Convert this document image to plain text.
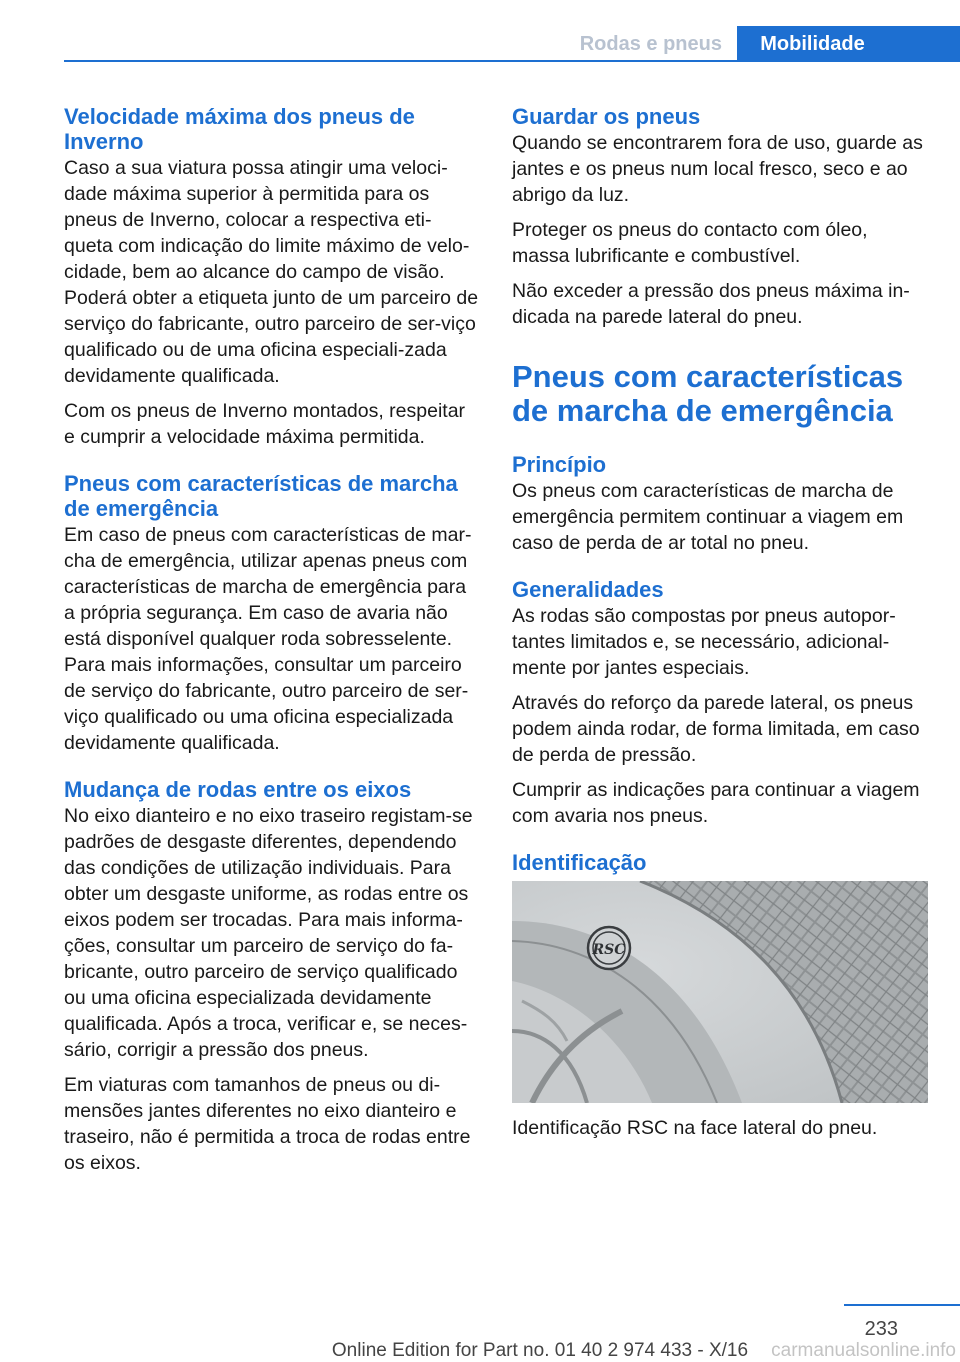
Rodas e pneus	Mobilidade
Velocidade máxima dos pneus de Inverno

Caso a sua viatura possa atingir uma veloci‐dade máxima superior à permitida para os pneus de Inverno, colocar a respectiva eti‐queta com indicação do limite máximo de velo‐cidade, bem ao alcance do campo de visão. Poderá obter a etiqueta junto de um parceiro de serviço do fabricante, outro parceiro de ser‐viço qualificado ou de uma oficina especiali‐zada devidamente qualificada.

Com os pneus de Inverno montados, respeitar e cumprir a velocidade máxima permitida.

Pneus com características de marcha de emergência

Em caso de pneus com características de mar‐cha de emergência, utilizar apenas pneus com características de marcha de emergência para a própria segurança. Em caso de avaria não está disponível qualquer roda sobresselente. Para mais informações, consultar um parceiro de serviço do fabricante, outro parceiro de ser‐viço qualificado ou uma oficina especializada devidamente qualificada.

Mudança de rodas entre os eixos

No eixo dianteiro e no eixo traseiro registam-se padrões de desgaste diferentes, dependendo das condições de utilização individuais. Para obter um desgaste uniforme, as rodas entre os eixos podem ser trocadas. Para mais informa‐ções, consultar um parceiro de serviço do fa‐bricante, outro parceiro de serviço qualificado ou uma oficina especializada devidamente qualificada. Após a troca, verificar e, se neces‐sário, corrigir a pressão dos pneus.

Em viaturas com tamanhos de pneus ou di‐mensões jantes diferentes no eixo dianteiro e traseiro, não é permitida a troca de rodas entre os eixos.

Guardar os pneus

Quando se encontrarem fora de uso, guarde as jantes e os pneus num local fresco, seco e ao abrigo da luz.

Proteger os pneus do contacto com óleo, massa lubrificante e combustível.

Não exceder a pressão dos pneus máxima in‐dicada na parede lateral do pneu.

Pneus com características de marcha de emergência
Princípio

Os pneus com características de marcha de emergência permitem continuar a viagem em caso de perda de ar total no pneu.

Generalidades

As rodas são compostas por pneus autopor‐tantes limitados e, se necessário, adicional‐mente por jantes especiais.

Através do reforço da parede lateral, os pneus podem ainda rodar, de forma limitada, em caso de perda de pressão.

Cumprir as indicações para continuar a viagem com avaria nos pneus.

Identificação
RSC

Identificação RSC na face lateral do pneu.

233
Online Edition for Part no. 01 40 2 974 433 - X/16	carmanualsonline.info
